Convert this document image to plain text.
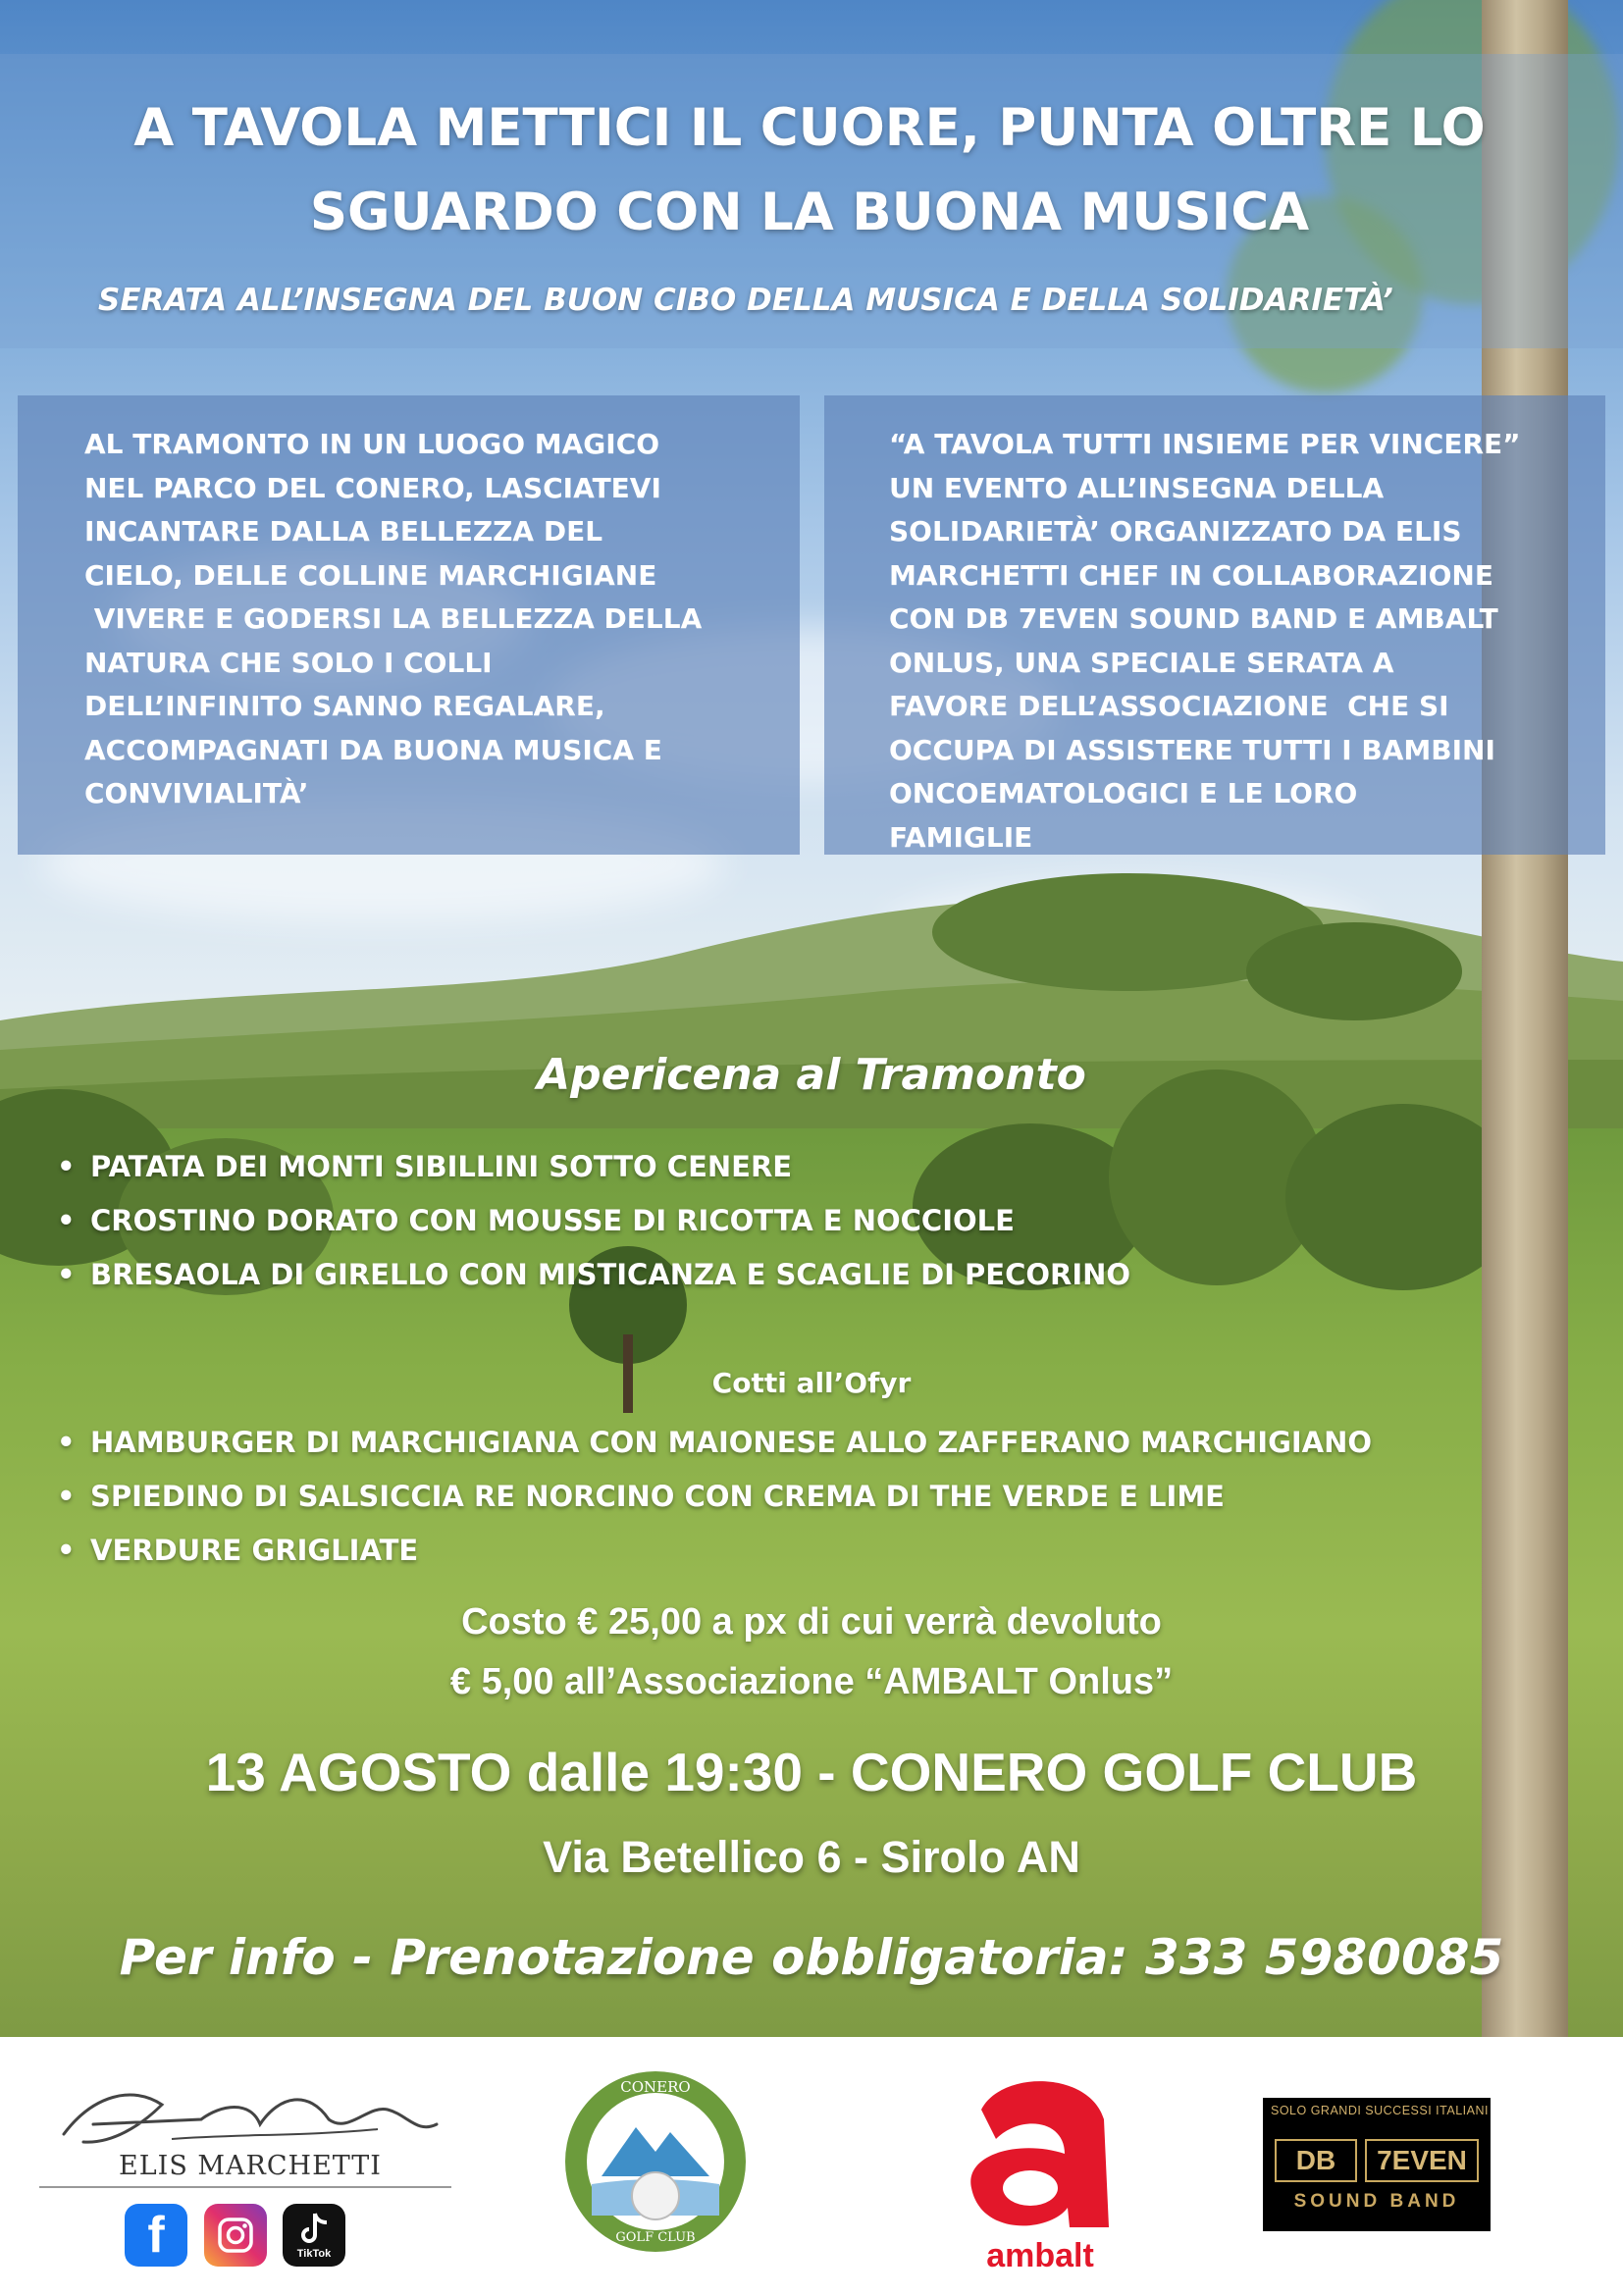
A TAVOLA METTICI IL CUORE, PUNTA OLTRE LO
SGUARDO CON LA BUONA MUSICA
SERATA ALL’INSEGNA DEL BUON CIBO DELLA MUSICA E DELLA SOLIDARIETÀ’

AL TRAMONTO IN UN LUOGO MAGICO

NEL PARCO DEL CONERO, LASCIATEVI

INCANTARE DALLA BELLEZZA DEL

CIELO, DELLE COLLINE MARCHIGIANE

VIVERE E GODERSI LA BELLEZZA DELLA

NATURA CHE SOLO I COLLI

DELL’INFINITO SANNO REGALARE,

ACCOMPAGNATI DA BUONA MUSICA E

CONVIVIALITÀ’

“A TAVOLA TUTTI INSIEME PER VINCERE”

UN EVENTO ALL’INSEGNA DELLA

SOLIDARIETÀ’ ORGANIZZATO DA ELIS

MARCHETTI CHEF IN COLLABORAZIONE

CON DB 7EVEN SOUND BAND E AMBALT

ONLUS, UNA SPECIALE SERATA A

FAVORE DELL’ASSOCIAZIONE  CHE SI

OCCUPA DI ASSISTERE TUTTI I BAMBINI

ONCOEMATOLOGICI E LE LORO

FAMIGLIE

Apericena al Tramonto
• PATATA DEI MONTI SIBILLINI SOTTO CENERE
• CROSTINO DORATO CON MOUSSE DI RICOTTA E NOCCIOLE
• BRESAOLA DI GIRELLO CON MISTICANZA E SCAGLIE DI PECORINO
Cotti all’Ofyr
• HAMBURGER DI MARCHIGIANA CON MAIONESE ALLO ZAFFERANO MARCHIGIANO
• SPIEDINO DI SALSICCIA RE NORCINO CON CREMA DI THE VERDE E LIME
• VERDURE GRIGLIATE
Costo € 25,00 a px di cui verrà devoluto
€ 5,00 all’Associazione “AMBALT Onlus”
13 AGOSTO dalle 19:30 - CONERO GOLF CLUB
Via Betellico 6 - Sirolo AN
Per info - Prenotazione obbligatoria: 333 5980085
ELIS MARCHETTI
f	TikTok
CONERO
GOLF CLUB	ambalt
SOLO GRANDI SUCCESSI ITALIANI
DB	7EVEN
SOUND BAND
